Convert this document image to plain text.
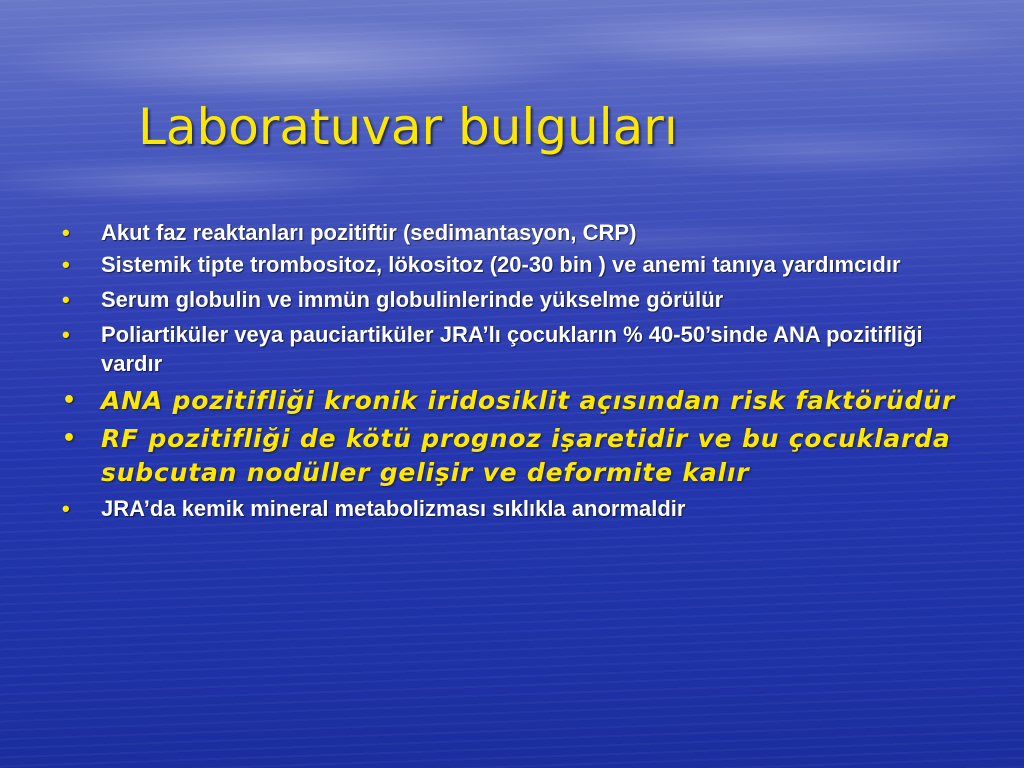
Laboratuvar bulguları
• Akut faz reaktanları pozitiftir (sedimantasyon, CRP)
• Sistemik tipte trombositoz, lökositoz (20-30 bin ) ve anemi tanıya yardımcıdır
• Serum globulin ve immün globulinlerinde yükselme görülür
• Poliartiküler veya pauciartiküler JRA’lı çocukların % 40-50’sinde ANA pozitifliği vardır
• ANA pozitifliği kronik iridosiklit açısından risk faktörüdür
• RF pozitifliği de kötü prognoz işaretidir ve bu çocuklarda subcutan nodüller gelişir ve deformite kalır
• JRA’da kemik mineral metabolizması sıklıkla anormaldir
